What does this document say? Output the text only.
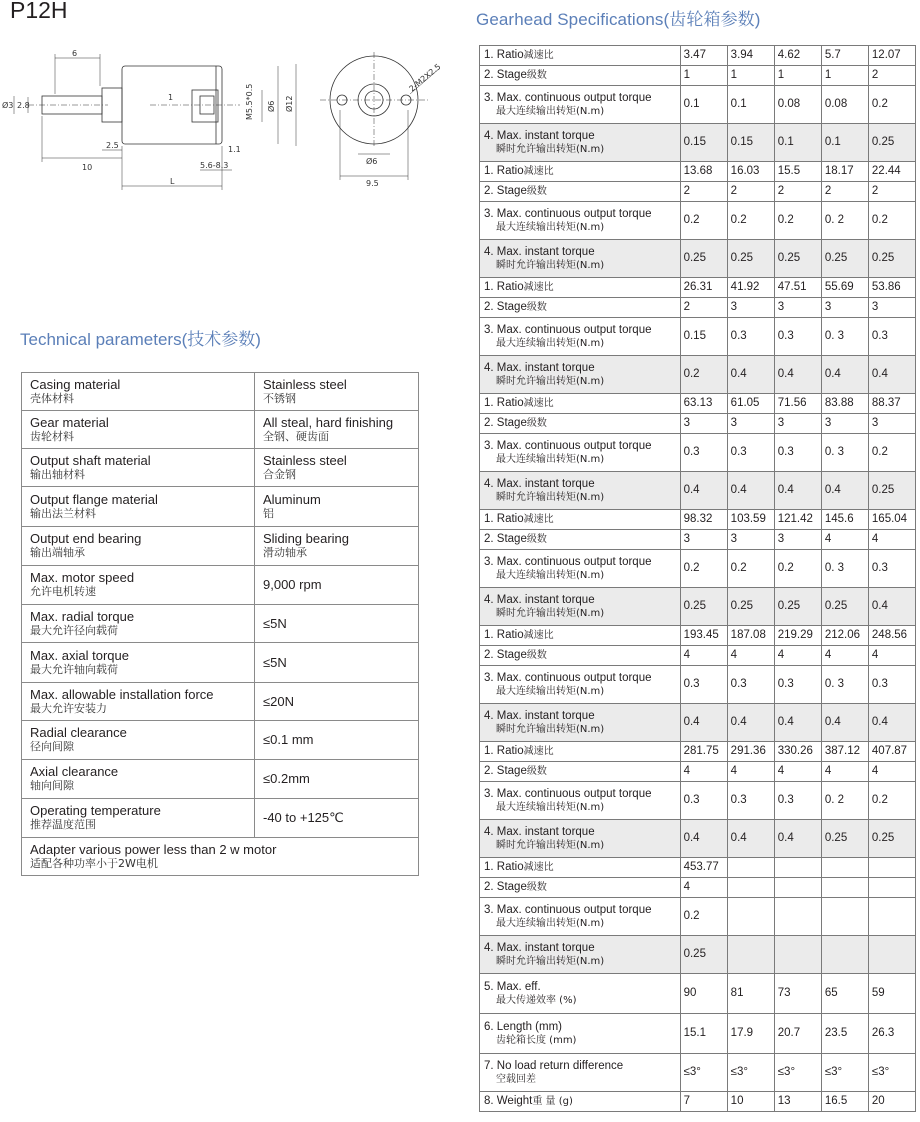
P12H	Gearhead Specifications(齿轮箱参数)
Technical parameters(技术参数)
6
Ø3 2.8
2.5
10
1	M5.5*0.5 Ø6 Ø12
5.6-8.3
1.1
L
2-M2X2.5
Ø6
9.5
Casing material
壳体材料	Stainless steel
不锈钢

Gear material
齿轮材料	All steal, hard finishing
全钢、硬齿面

Output shaft material
输出轴材料	Stainless steel
合金钢

Output flange material
输出法兰材料	Aluminum
铝

Output end bearing
输出端轴承	Sliding bearing
滑动轴承

Max. motor speed
允许电机转速	9,000 rpm

Max. radial torque
最大允许径向载荷	≤5N

Max. axial torque
最大允许轴向载荷	≤5N

Max. allowable installation force
最大允许安装力	≤20N

Radial clearance
径向间隙	≤0.1 mm

Axial clearance
轴向间隙	≤0.2mm

Operating temperature
推荐温度范围	-40 to +125℃

Adapter various power less than 2 w motor
适配各种功率小于2W电机	
1. Ratio减速比	3.47	3.94	4.62	5.7	12.07
2. Stage级数	1	1	1	1	2
3. Max. continuous output torque

最大连续输出转矩(N.m)	0.1	0.1	0.08	0.08	0.2
4. Max. instant torque

瞬时允许输出转矩(N.m)	0.15	0.15	0.1	0.1	0.25
1. Ratio减速比	13.68	16.03	15.5	18.17	22.44
2. Stage级数	2	2	2	2	2
3. Max. continuous output torque

最大连续输出转矩(N.m)	0.2	0.2	0.2	0. 2	0.2
4. Max. instant torque

瞬时允许输出转矩(N.m)	0.25	0.25	0.25	0.25	0.25
1. Ratio减速比	26.31	41.92	47.51	55.69	53.86
2. Stage级数	2	3	3	3	3
3. Max. continuous output torque

最大连续输出转矩(N.m)	0.15	0.3	0.3	0. 3	0.3
4. Max. instant torque

瞬时允许输出转矩(N.m)	0.2	0.4	0.4	0.4	0.4
1. Ratio减速比	63.13	61.05	71.56	83.88	88.37
2. Stage级数	3	3	3	3	3
3. Max. continuous output torque

最大连续输出转矩(N.m)	0.3	0.3	0.3	0. 3	0.2
4. Max. instant torque

瞬时允许输出转矩(N.m)	0.4	0.4	0.4	0.4	0.25
1. Ratio减速比	98.32	103.59	121.42	145.6	165.04
2. Stage级数	3	3	3	4	4
3. Max. continuous output torque

最大连续输出转矩(N.m)	0.2	0.2	0.2	0. 3	0.3
4. Max. instant torque

瞬时允许输出转矩(N.m)	0.25	0.25	0.25	0.25	0.4
1. Ratio减速比	193.45	187.08	219.29	212.06	248.56
2. Stage级数	4	4	4	4	4
3. Max. continuous output torque

最大连续输出转矩(N.m)	0.3	0.3	0.3	0. 3	0.3
4. Max. instant torque

瞬时允许输出转矩(N.m)	0.4	0.4	0.4	0.4	0.4
1. Ratio减速比	281.75	291.36	330.26	387.12	407.87
2. Stage级数	4	4	4	4	4
3. Max. continuous output torque

最大连续输出转矩(N.m)	0.3	0.3	0.3	0. 2	0.2
4. Max. instant torque

瞬时允许输出转矩(N.m)	0.4	0.4	0.4	0.25	0.25
1. Ratio减速比	453.77				
2. Stage级数	4				
3. Max. continuous output torque

最大连续输出转矩(N.m)	0.2				
4. Max. instant torque

瞬时允许输出转矩(N.m)	0.25				
5. Max. eff.

最大传递效率 (%)	90	81	73	65	59
6. Length (mm)

齿轮箱长度 (mm)	15.1	17.9	20.7	23.5	26.3
7. No load return difference

空载回差	≤3°	≤3°	≤3°	≤3°	≤3°
8. Weight重 量 (g)	7	10	13	16.5	20
